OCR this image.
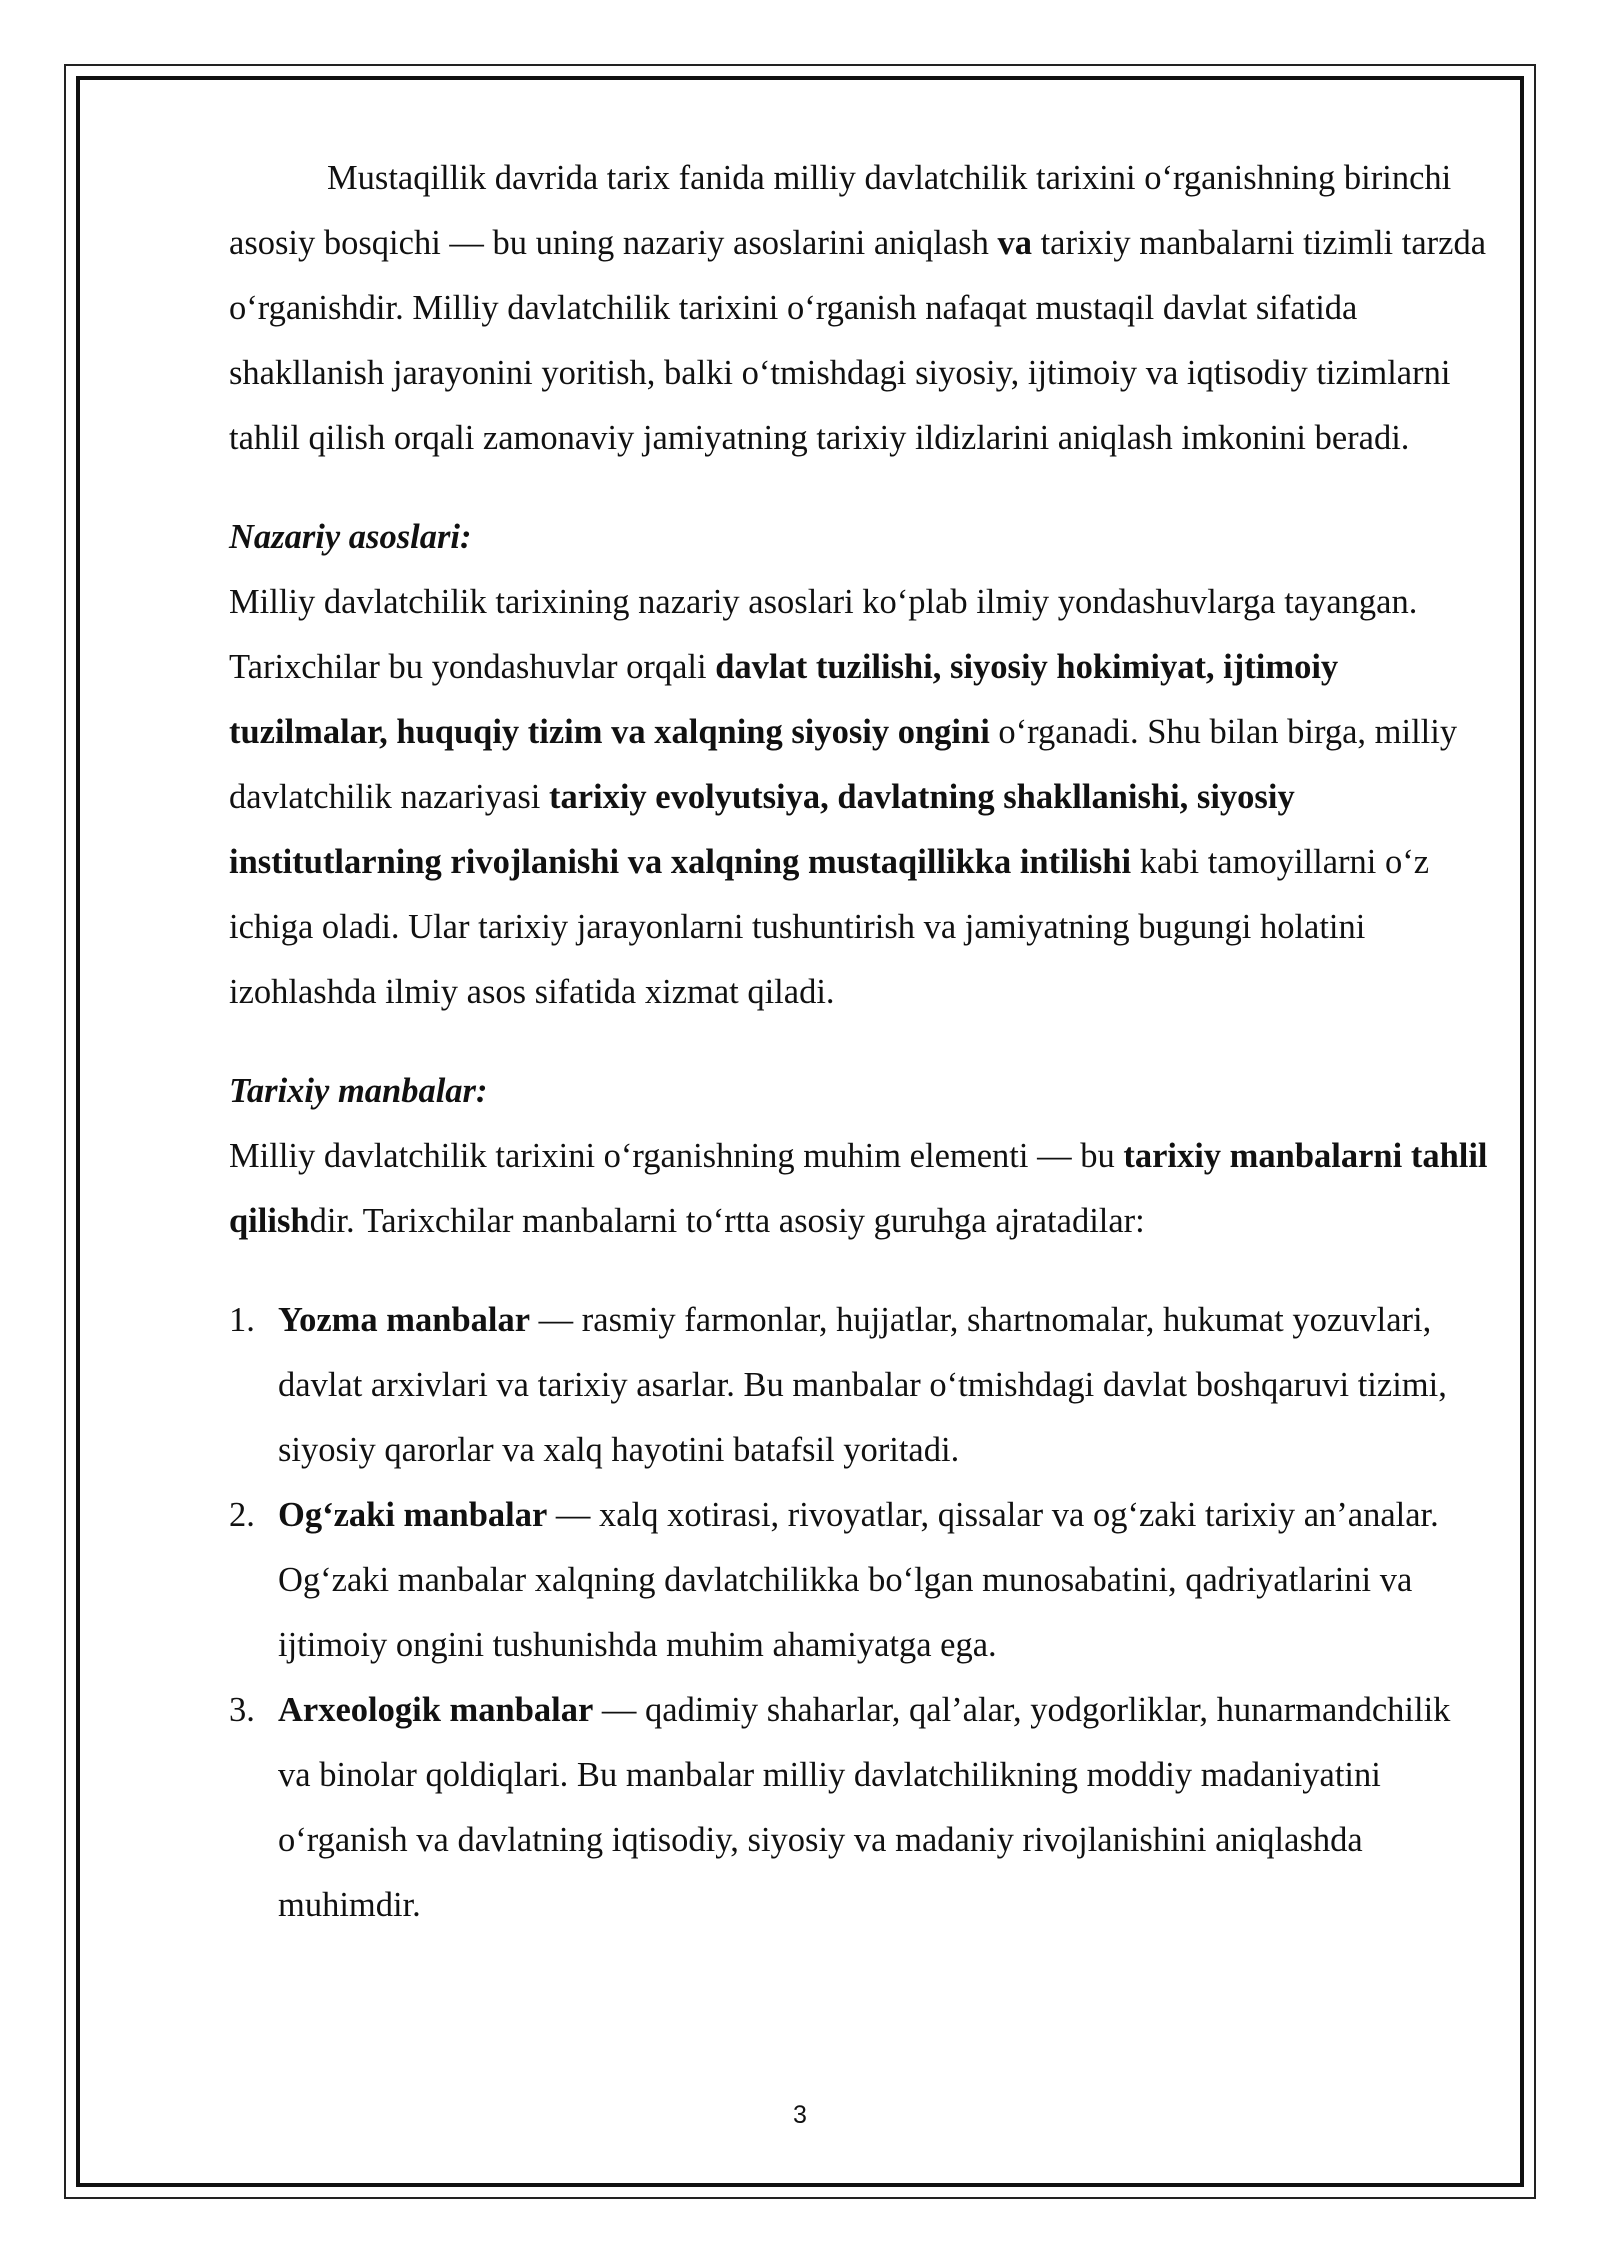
Mustaqillik davrida tarix fanida milliy davlatchilik tarixini o‘rganishning birinchi asosiy bosqichi — bu uning nazariy asoslarini aniqlash va tarixiy manbalarni tizimli tarzda o‘rganishdir. Milliy davlatchilik tarixini o‘rganish nafaqat mustaqil davlat sifatida shakllanish jarayonini yoritish, balki o‘tmishdagi siyosiy, ijtimoiy va iqtisodiy tizimlarni tahlil qilish orqali zamonaviy jamiyatning tarixiy ildizlarini aniqlash imkonini beradi.

Nazariy asoslari:

Milliy davlatchilik tarixining nazariy asoslari ko‘plab ilmiy yondashuvlarga tayangan. Tarixchilar bu yondashuvlar orqali davlat tuzilishi, siyosiy hokimiyat, ijtimoiy tuzilmalar, huquqiy tizim va xalqning siyosiy ongini o‘rganadi. Shu bilan birga, milliy davlatchilik nazariyasi tarixiy evolyutsiya, davlatning shakllanishi, siyosiy institutlarning rivojlanishi va xalqning mustaqillikka intilishi kabi tamoyillarni o‘z ichiga oladi. Ular tarixiy jarayonlarni tushuntirish va jamiyatning bugungi holatini izohlashda ilmiy asos sifatida xizmat qiladi.

Tarixiy manbalar:

Milliy davlatchilik tarixini o‘rganishning muhim elementi — bu tarixiy manbalarni tahlil qilishdir. Tarixchilar manbalarni to‘rtta asosiy guruhga ajratadilar:

1. Yozma manbalar — rasmiy farmonlar, hujjatlar, shartnomalar, hukumat yozuvlari, davlat arxivlari va tarixiy asarlar. Bu manbalar o‘tmishdagi davlat boshqaruvi tizimi, siyosiy qarorlar va xalq hayotini batafsil yoritadi.
2. Og‘zaki manbalar — xalq xotirasi, rivoyatlar, qissalar va og‘zaki tarixiy an’analar. Og‘zaki manbalar xalqning davlatchilikka bo‘lgan munosabatini, qadriyatlarini va ijtimoiy ongini tushunishda muhim ahamiyatga ega.
3. Arxeologik manbalar — qadimiy shaharlar, qal’alar, yodgorliklar, hunarmandchilik va binolar qoldiqlari. Bu manbalar milliy davlatchilikning moddiy madaniyatini o‘rganish va davlatning iqtisodiy, siyosiy va madaniy rivojlanishini aniqlashda muhimdir.
3
